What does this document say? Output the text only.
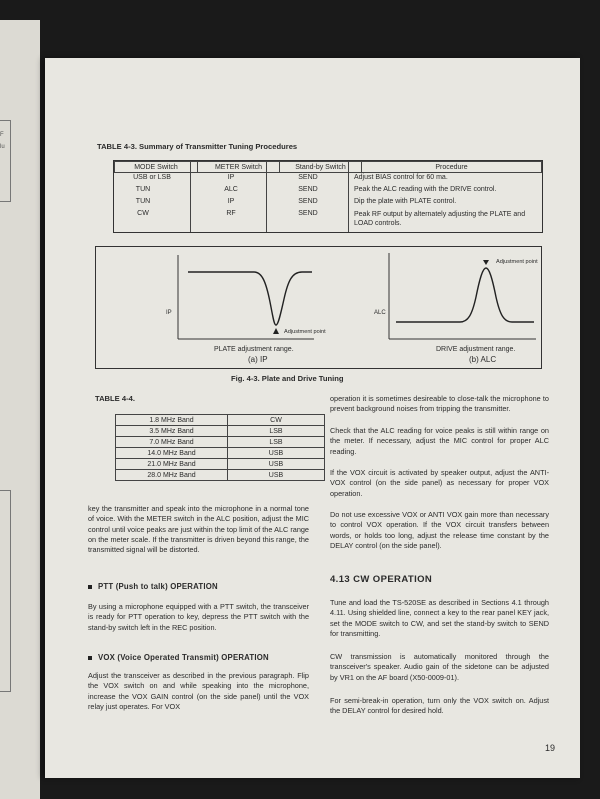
F
lu	TABLE 4-3. Summary of Transmitter Tuning Procedures
MODE Switch	METER Switch	Stand-by Switch	Procedure
USB or LSB	IP	SEND	Adjust BIAS control for 60 ma.
TUN	ALC	SEND	Peak the ALC reading with the DRIVE control.
TUN	IP	SEND	Dip the plate with PLATE control.
CW	RF	SEND	Peak RF output by alternately adjusting the PLATE and LOAD controls.
IP
Adjustment point
PLATE adjustment range.
(a) IP
ALC
Adjustment point
DRIVE adjustment range.
(b) ALC
Fig. 4-3. Plate and Drive Tuning
TABLE 4-4.
1.8 MHz Band	CW
3.5 MHz Band	LSB
7.0 MHz Band	LSB
14.0 MHz Band	USB
21.0 MHz Band	USB
28.0 MHz Band	USB
key the transmitter and speak into the microphone in a normal tone of voice. With the METER switch in the ALC position, adjust the MIC control until voice peaks are just within the top limit of the ALC range on the meter scale. If the transmitter is driven beyond this range, the transmitted signal will be distorted.
PTT (Push to talk) OPERATION
By using a microphone equipped with a PTT switch, the transceiver is ready for PTT operation to key, depress the PTT switch with the stand-by switch left in the REC position.
VOX (Voice Operated Transmit) OPERATION
Adjust the transceiver as described in the previous paragraph. Flip the VOX switch on and while speaking into the microphone, increase the VOX GAIN control (on the side panel) until the VOX relay just operates. For VOX
operation it is sometimes desireable to close-talk the microphone to prevent background noises from tripping the transmitter.
Check that the ALC reading for voice peaks is still within range on the meter. If necessary, adjust the MIC control for proper ALC reading.
If the VOX circuit is activated by speaker output, adjust the ANTI-VOX control (on the side panel) as necessary for proper VOX operation.
Do not use excessive VOX or ANTI VOX gain more than necessary to control VOX operation. If the VOX circuit transfers between words, or holds too long, adjust the release time constant by the DELAY control (on the side panel).
4.13 CW OPERATION
Tune and load the TS-520SE as described in Sections 4.1 through 4.11. Using shielded line, connect a key to the rear panel KEY jack, set the MODE switch to CW, and set the stand-by switch to SEND for transmitting.
CW transmission is automatically monitored through the transceiver's speaker. Audio gain of the sidetone can be adjusted by VR1 on the AF board (X50-0009-01).
For semi-break-in operation, turn only the VOX switch on. Adjust the DELAY control for desired hold.
19
